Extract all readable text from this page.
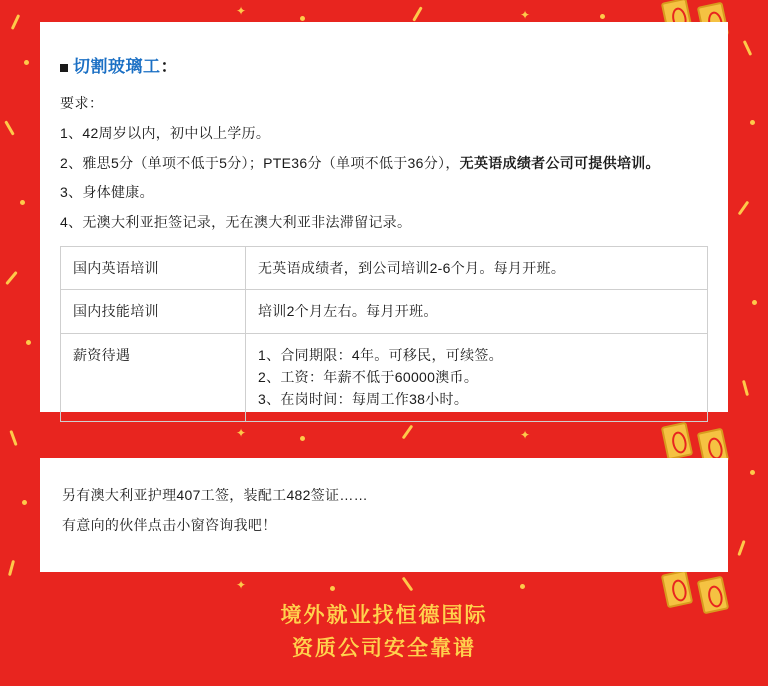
✦	✦
✦	✦
✦
切割玻璃工：

要求：

1、42周岁以内，初中以上学历。

2、雅思5分（单项不低于5分）；PTE36分（单项不低于36分），无英语成绩者公司可提供培训。

3、身体健康。

4、无澳大利亚拒签记录，无在澳大利亚非法滞留记录。

国内英语培训	无英语成绩者，到公司培训2-6个月。每月开班。

国内技能培训	培训2个月左右。每月开班。

薪资待遇	1、合同期限：4年。可移民，可续签。
2、工资：年薪不低于60000澳币。
3、在岗时间：每周工作38小时。

另有澳大利亚护理407工签，装配工482签证……

有意向的伙伴点击小窗咨询我吧！

境外就业找恒德国际
资质公司安全靠谱
